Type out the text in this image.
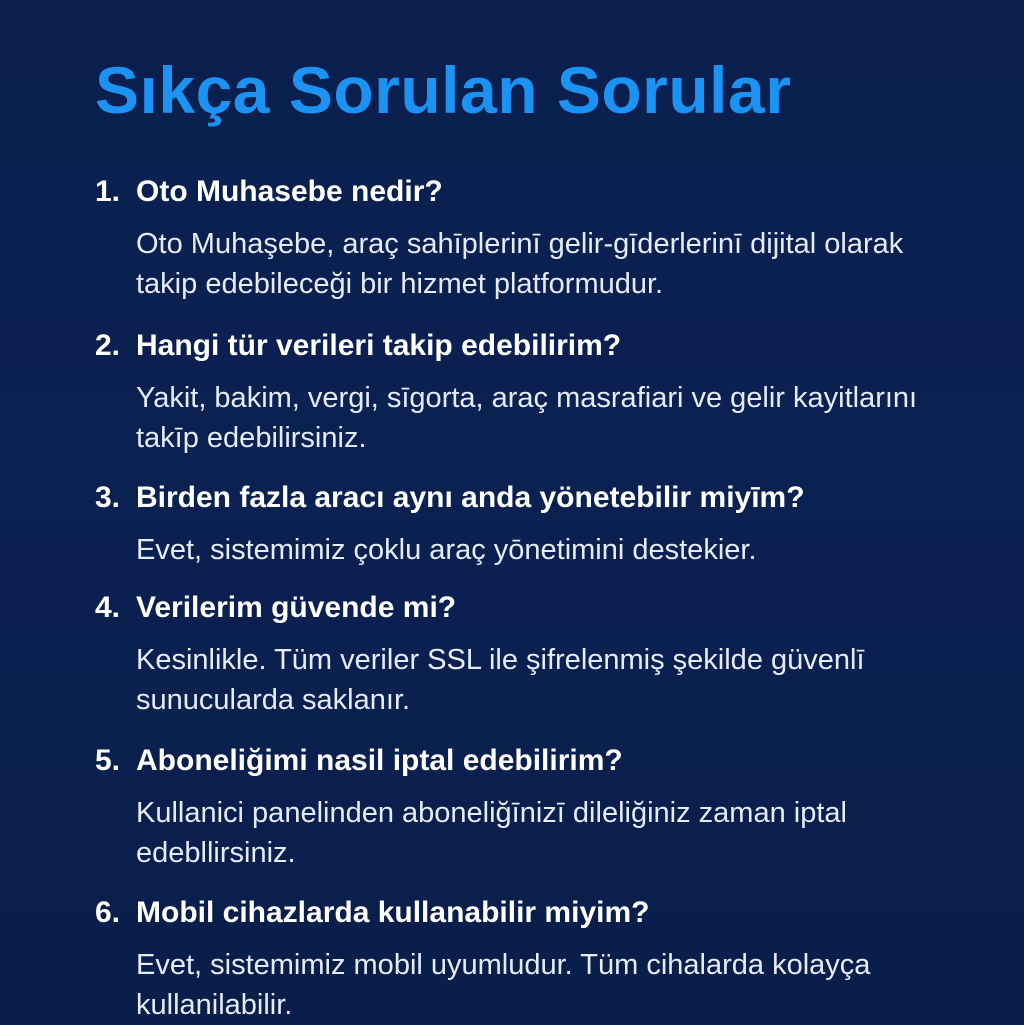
Sıkça Sorulan Sorular

1. Oto Muhasebe nedir?

Oto Muhaşebe, araç sahīplerinī gelir-gīderlerinī dijital olarak takip edebileceği bir hizmet platformudur.

2. Hangi tür verileri takip edebilirim?

Yakit, bakim, vergi, sīgorta, araç masrafiari ve gelir kayitlarını takīp edebilirsiniz.

3. Birden fazla aracı aynı anda yönetebilir miyīm?

Evet, sistemimiz çoklu araç yōnetimini destekier.

4. Verilerim güvende mi?

Kesinlikle. Tüm veriler SSL ile şifrelenmiş şekilde güvenlī sunucularda saklanır.

5. Aboneliğimi nasil iptal edebilirim?

Kullanici panelinden aboneliğīnizī dileliğiniz zaman iptal edebllirsiniz.

6. Mobil cihazlarda kullanabilir miyim?

Evet, sistemimiz mobil uyumludur. Tüm cihalarda kolayça kullanilabilir.
